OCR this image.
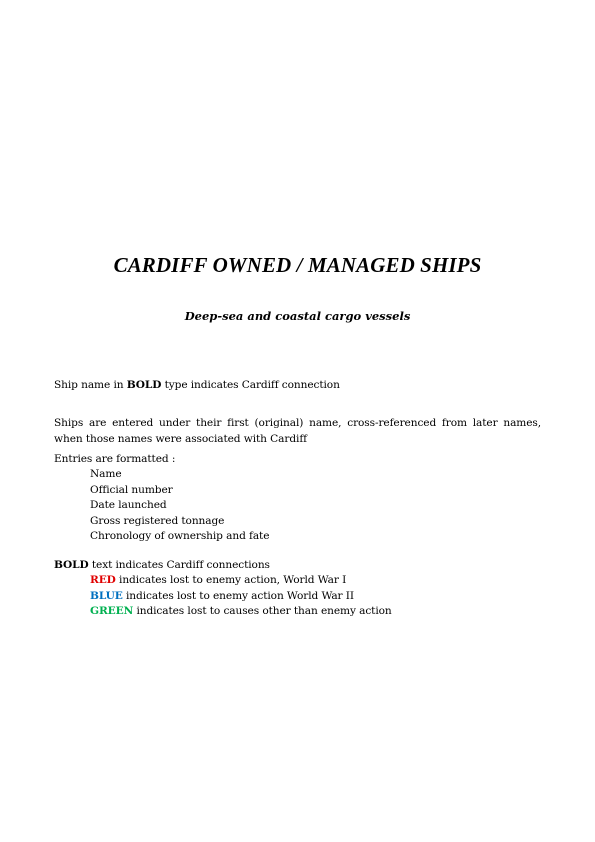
CARDIFF OWNED / MANAGED SHIPS
Deep-sea and coastal cargo vessels

Ship name in BOLD type indicates Cardiff connection

Ships are entered under their first (original) name, cross-referenced from later names, when those names were associated with Cardiff

Entries are formatted :

Name
Official number
Date launched
Gross registered tonnage
Chronology of ownership and fate

BOLD text indicates Cardiff connections

RED indicates lost to enemy action, World War I
BLUE indicates lost to enemy action World War II
GREEN indicates lost to causes other than enemy action
